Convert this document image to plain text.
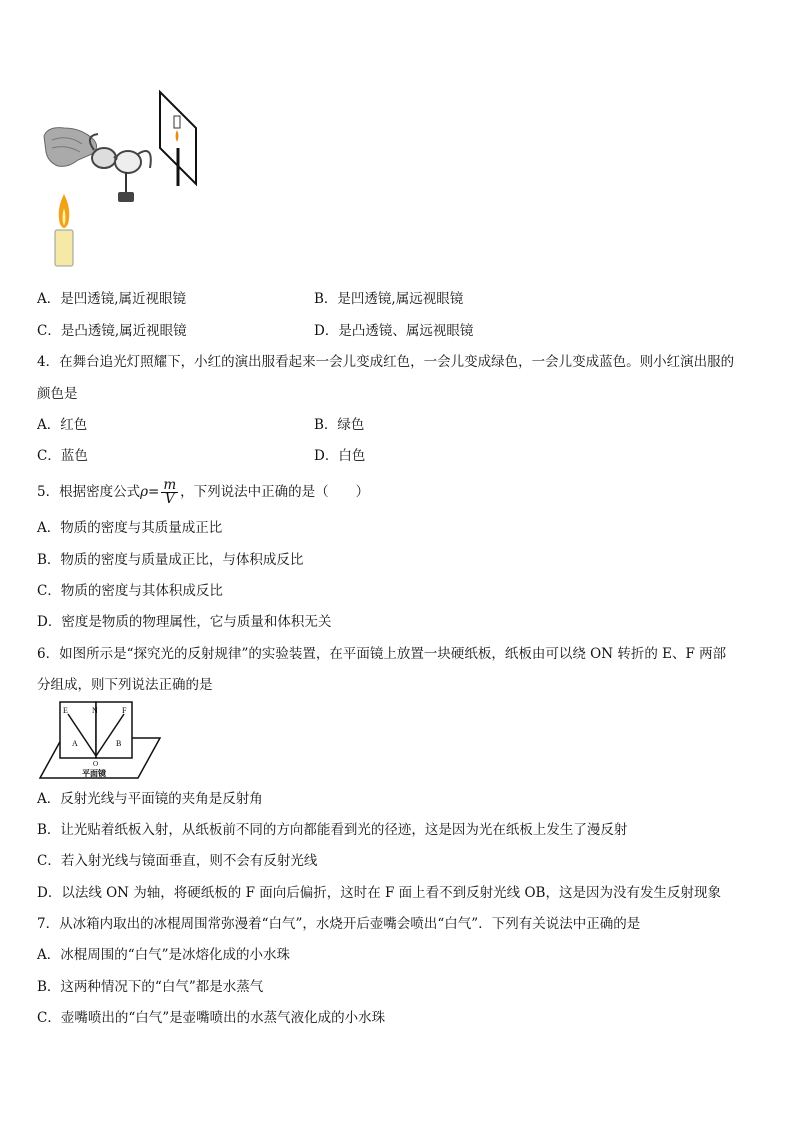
A．是凹透镜,属近视眼镜	B．是凹透镜,属远视眼镜
C．是凸透镜,属近视眼镜	D．是凸透镜、属远视眼镜
4．在舞台追光灯照耀下，小红的演出服看起来一会儿变成红色，一会儿变成绿色，一会儿变成蓝色。则小红演出服的
颜色是
A．红色	B．绿色
C．蓝色	D．白色
5．根据密度公式$\rho= \frac{m}{V}$ ，下列说法中正确的是（　　）
A．物质的密度与其质量成正比
B．物质的密度与质量成正比，与体积成反比
C．物质的密度与其体积成反比
D．密度是物质的物理属性，它与质量和体积无关
6．如图所示是“探究光的反射规律”的实验装置，在平面镜上放置一块硬纸板，纸板由可以绕 ON 转折的 E、F 两部
分组成，则下列说法正确的是
E	N	F
A	B
O
平面镜
A．反射光线与平面镜的夹角是反射角
B．让光贴着纸板入射，从纸板前不同的方向都能看到光的径迹，这是因为光在纸板上发生了漫反射
C．若入射光线与镜面垂直，则不会有反射光线
D．以法线 ON 为轴，将硬纸板的 F 面向后偏折，这时在 F 面上看不到反射光线 OB，这是因为没有发生反射现象
7．从冰箱内取出的冰棍周围常弥漫着“白气”，水烧开后壶嘴会喷出“白气”．下列有关说法中正确的是
A．冰棍周围的“白气”是冰熔化成的小水珠
B．这两种情况下的“白气”都是水蒸气
C．壶嘴喷出的“白气”是壶嘴喷出的水蒸气液化成的小水珠
